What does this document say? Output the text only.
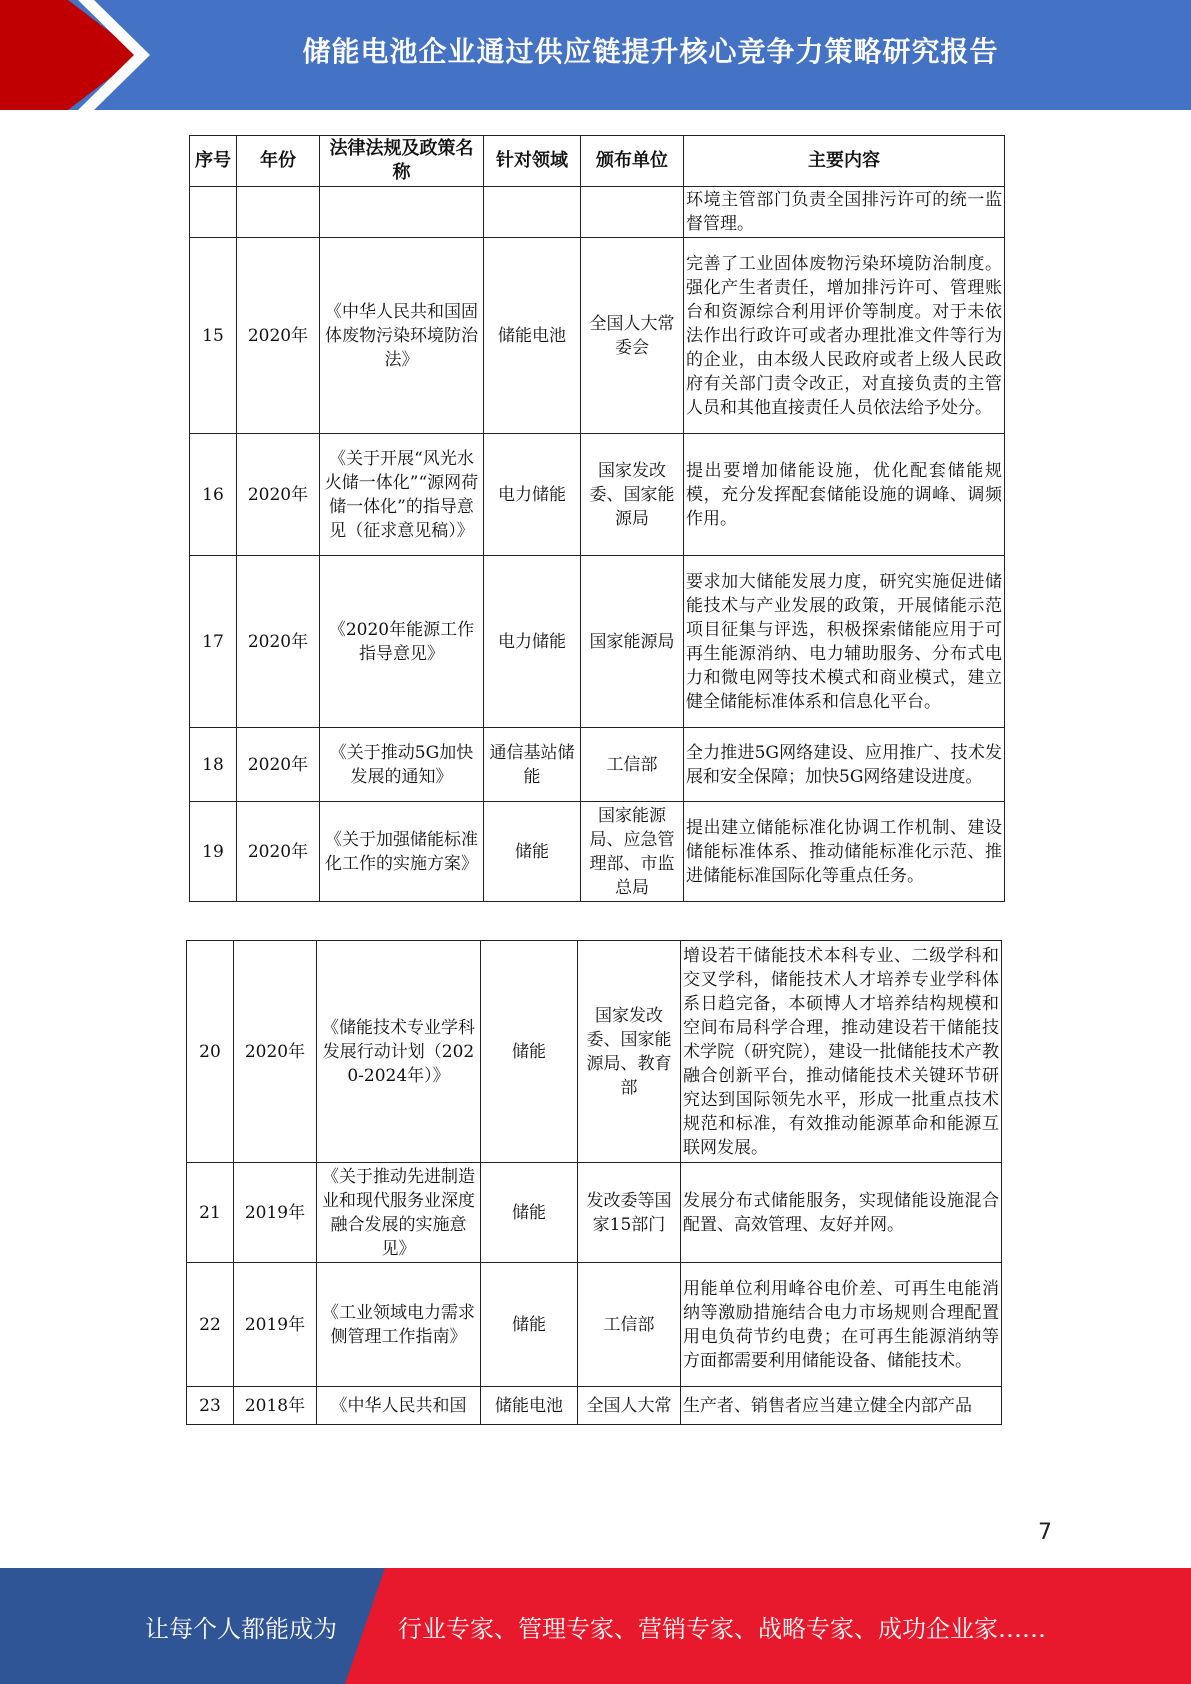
储能电池企业通过供应链提升核心竞争力策略研究报告
序号	年份	法律法规及政策名称	针对领域	颁布单位	主要内容
					环境主管部门负责全国排污许可的统一监督管理。
15	2020年	《中华人民共和国固体废物污染环境防治法》	储能电池	全国人大常委会	完善了工业固体废物污染环境防治制度。强化产生者责任，增加排污许可、管理账台和资源综合利用评价等制度。对于未依法作出行政许可或者办理批准文件等行为的企业，由本级人民政府或者上级人民政府有关部门责令改正，对直接负责的主管人员和其他直接责任人员依法给予处分。
16	2020年	《关于开展“风光水火储一体化”“源网荷储一体化”的指导意见（征求意见稿）》	电力储能	国家发改委、国家能源局	提出要增加储能设施，优化配套储能规模，充分发挥配套储能设施的调峰、调频作用。
17	2020年	《2020年能源工作指导意见》	电力储能	国家能源局	要求加大储能发展力度，研究实施促进储能技术与产业发展的政策，开展储能示范项目征集与评选，积极探索储能应用于可再生能源消纳、电力辅助服务、分布式电力和微电网等技术模式和商业模式，建立健全储能标准体系和信息化平台。
18	2020年	《关于推动5G加快发展的通知》	通信基站储能	工信部	全力推进5G网络建设、应用推广、技术发展和安全保障；加快5G网络建设进度。
19	2020年	《关于加强储能标准化工作的实施方案》	储能	国家能源局、应急管理部、市监总局	提出建立储能标准化协调工作机制、建设储能标准体系、推动储能标准化示范、推进储能标准国际化等重点任务。
20	2020年	《储能技术专业学科发展行动计划（2020-2024年）》	储能	国家发改委、国家能源局、教育部	增设若干储能技术本科专业、二级学科和交叉学科，储能技术人才培养专业学科体系日趋完备，本硕博人才培养结构规模和空间布局科学合理，推动建设若干储能技术学院（研究院），建设一批储能技术产教融合创新平台，推动储能技术关键环节研究达到国际领先水平，形成一批重点技术规范和标准，有效推动能源革命和能源互联网发展。
21	2019年	《关于推动先进制造业和现代服务业深度融合发展的实施意见》	储能	发改委等国家15部门	发展分布式储能服务，实现储能设施混合配置、高效管理、友好并网。
22	2019年	《工业领域电力需求侧管理工作指南》	储能	工信部	用能单位利用峰谷电价差、可再生电能消纳等激励措施结合电力市场规则合理配置用电负荷节约电费；在可再生能源消纳等方面都需要利用储能设备、储能技术。
23	2018年	《中华人民共和国	储能电池	全国人大常	生产者、销售者应当建立健全内部产品
7
让每个人都能成为	行业专家、管理专家、营销专家、战略专家、成功企业家……
